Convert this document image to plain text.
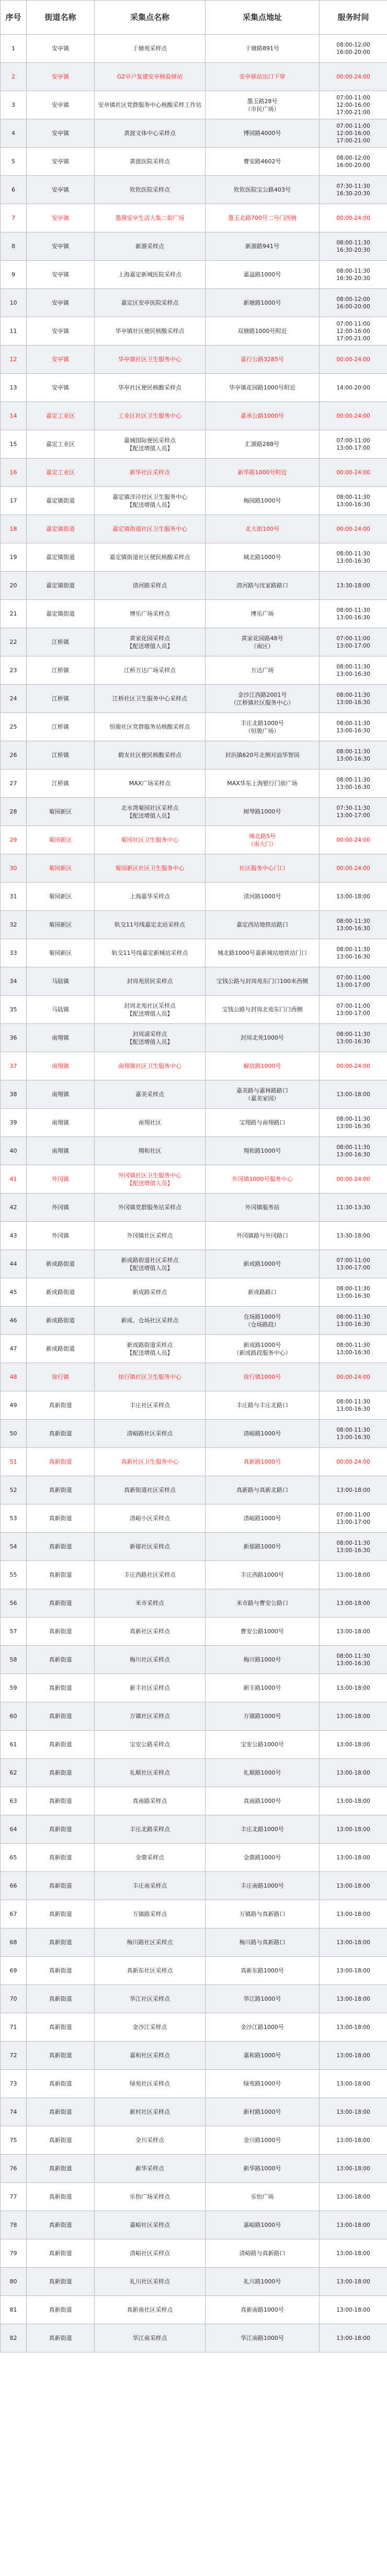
序号	街道名称	采集点名称	采集点地址	服务时间
1	安亭镇	于塘苑采样点	于塘路891号	08:00-12:00
16:00-20:00
2	安亭镇	G2早户复建安亭核验驿站	安亭驿站出口下穿	00:00-24:00
3	安亭镇	安亭镇社区党群服务中心核酸采样工作站	墨玉路28号
（市民广场）	07:00-11:00
12:00-16:00
17:00-21:00
4	安亭镇	黄渡文体中心采样点	博园路4000号	07:00-11:00
12:00-16:00
17:00-21:00
5	安亭镇	黄渡医院采样点	曹安路4602号	08:00-12:00
16:00-20:00
6	安亭镇	钦钦医院采样点	钦钦医院宝公路403号	07:30-11:30
16:30-20:30
7	安亭镇	墨黛安亭生活大集二街广场	墨玉北路700号二号门西侧	00:00-24:00
8	安亭镇	新源采样点	新源路941号	08:00-11:30
16:30-20:30
9	安亭镇	上海嘉定新城医院采样点	嘉溢路1000号	08:00-11:30
16:30-20:30
10	安亭镇	嘉定区安亭医院采样点	新塘路1000号	08:00-12:00
16:00-20:00
11	安亭镇	华亭镇社区便民核酸采样点	双塘路1000号附近	07:00-11:00
12:00-16:00
17:00-21:00
12	安亭镇	华亭镇社区卫生服务中心	嘉行公路3285号	00:00-24:00
13	安亭镇	华亭社区便民核酸采样点	华亭镇花园路1000号附近	14:00-20:00
14	嘉定工业区	工业区社区卫生服务中心	嘉承公路1000号	00:00-24:00
15	嘉定工业区	嘉城国际便民采样点
【配送增值人员】	汇源路288号	07:00-11:00
13:00-17:00
16	嘉定工业区	新华社区采样点	新华路1000号附近	00:00-24:00
17	嘉定镇街道	嘉定镇洋泾社区卫生服务中心
【配送增值人员】	梅园路1000号	08:00-11:30
13:00-16:30
18	嘉定镇街道	嘉定镇街道社区卫生服务中心	北大街100号	00:00-24:00
19	嘉定镇街道	嘉定镇街道社区便民核酸采样点	城北路1000号	08:00-11:30
13:00-16:30
20	嘉定镇街道	清河路采样点	清河路与沈家路路口	13:30-18:00
21	嘉定镇街道	博乐广场采样点	博乐广场	08:00-11:30
13:00-16:30
22	江桥镇	黄家花园采样点
【配送增值人员】	黄家花园路48号
（南区）	07:00-11:00
13:00-17:00
23	江桥镇	江桥万达广场采样点	万达广场	08:00-11:30
13:00-16:30
24	江桥镇	江桥社区卫生服务中心采样点	金沙江西路2001号
（江桥镇社区服务中心）	08:00-11:30
13:00-16:30
25	江桥镇	恒骏社区党群服务站核酸采样点	丰庄北路1000号
（恒骏广场）	08:00-11:30
13:00-16:30
26	江桥镇	鹤友社区便民核酸采样点	封浜镇620号北侧对面华智园	08:00-11:30
13:00-16:30
27	江桥镇	MAX广场采样点	MAX华东上海银行门前广场	08:00-11:30
13:00-16:30
28	菊园新区	北水湾菊园社区采样点
【配送增值人员】	树琴路1000号	07:30-11:30
13:00-17:00
29	菊园新区	菊园社区卫生服务中心	城北路5号
（南大门）	00:00-24:00
30	菊园新区	菊园新区社区卫生服务中心	社区服务中心门口	00:00-24:00
31	菊园新区	上海嘉华采样点	清河路1000号	13:00-18:00
32	菊园新区	轨交11号线嘉定北站采样点	嘉定西站地铁站路口	08:00-11:30
13:00-16:30
33	菊园新区	轨交11号线嘉定新城站采样点	城北路1000号嘉新城站地铁站门口	08:00-11:30
13:00-16:30
34	马陆镇	封周苑居民采样点	宝钱公路与封周苑东门口100米西侧	07:00-11:00
13:00-17:00
35	马陆镇	封周北苑社区采样点
【配送增值人员】	宝钱公路与封周北苑东门口西侧	07:00-11:00
13:00-17:00
36	南翔镇	封周浦采样点
【配送增值人员】	封周北苑1000号	08:00-11:30
13:00-16:30
37	南翔镇	南翔镇社区卫生服务中心	解放路1000号	00:00-24:00
38	南翔镇	嘉美采样点	嘉美路与嘉林路路口
（嘉美家园）	13:00-18:00
39	南翔镇	南翔社区	宝翔路与南翔路口	08:00-11:30
13:00-16:30
40	南翔镇	翔和社区	翔和路1000号	08:00-11:30
13:00-16:30
41	外冈镇	外冈镇社区卫生服务中心
【配送增值人员】	外冈镇1000号服务中心	00:00-24:00
42	外冈镇	外冈镇党群服务站采样点	外冈镇服务站	11:30-13:30
43	外冈镇	外冈镇社区采样点	外冈镇路与外冈路口	13:30-18:00
44	新成路街道	新成路街道社区采样点
【配送增值人员】	新成路1000号	07:00-11:00
13:00-17:00
45	新成路街道	新成路采样点	新成路路口	08:00-11:30
13:00-16:30
46	新成路街道	新成、仓场社区采样点	仓场路1000号
（仓场路段）	08:00-11:30
13:00-16:30
47	新成路街道	新成路街道采样点
【配送增值人员】	新成路1000号
（新成路段服务中心）	08:00-11:30
13:00-16:30
48	徐行镇	徐行镇社区卫生服务中心	徐行镇1000号	00:00-24:00
49	真新街道	丰庄社区采样点	丰庄路与丰庄北路口	08:00-11:30
13:00-16:30
50	真新街道	清峪路社区采样点	清峪路1000号	08:00-11:30
13:00-16:30
51	真新街道	真新社区卫生服务中心	真新路1000号	00:00-24:00
52	真新街道	真新街道社区采样点	真新路与真新北路口	13:00-18:00
53	真新街道	清峪小区采样点	清峪路1000号	07:00-11:00
13:00-17:00
54	真新街道	新郁社区采样点	新郁路1000号	08:00-11:30
13:00-16:30
55	真新街道	丰庄西路社区采样点	丰庄西路1000号	13:00-18:00
56	真新街道	米市采样点	米市路与曹安公路口	13:00-18:00
57	真新街道	真新社区采样点	曹安公路1000号	13:00-18:00
58	真新街道	梅川社区采样点	梅川路1000号	08:00-11:30
13:00-16:30
59	真新街道	新丰社区采样点	新丰路1000号	13:00-18:00
60	真新街道	万镇社区采样点	万镇路1000号	13:00-18:00
61	真新街道	宝安公路采样点	宝安公路1000号	13:00-18:00
62	真新街道	礼顺社区采样点	礼顺路1000号	13:00-18:00
63	真新街道	真南路采样点	真南路1000号	13:00-18:00
64	真新街道	丰庄北路采样点	丰庄北路1000号	13:00-18:00
65	真新街道	金鼎采样点	金鼎路1000号	13:00-18:00
66	真新街道	丰庄南采样点	丰庄南路1000号	13:00-18:00
67	真新街道	万镇路采样点	万镇路与真新路口	13:00-18:00
68	真新街道	梅川路社区采样点	梅川路与真新路口	13:00-18:00
69	真新街道	真新东社区采样点	真新东路1000号	13:00-18:00
70	真新街道	华江社区采样点	华江路1000号	13:00-18:00
71	真新街道	金沙江采样点	金沙江路1000号	13:00-18:00
72	真新街道	嘉和社区采样点	嘉和路1000号	13:00-18:00
73	真新街道	绿苑社区采样点	绿苑路1000号	13:00-18:00
74	真新街道	新村社区采样点	新村路1000号	13:00-18:00
75	真新街道	金川采样点	金川路1000号	13:00-18:00
76	真新街道	新华采样点	新华路1000号	13:00-18:00
77	真新街道	乐怡广场采样点	乐怡广场	13:00-18:00
78	真新街道	嘉峪社区采样点	嘉峪路1000号	13:00-18:00
79	真新街道	清峪社区采样点	清峪路与真新路口	13:00-18:00
80	真新街道	礼川社区采样点	礼川路1000号	13:00-18:00
81	真新街道	真新南社区采样点	真新南路1000号	13:00-18:00
82	真新街道	华江南采样点	华江南路1000号	13:00-18:00
